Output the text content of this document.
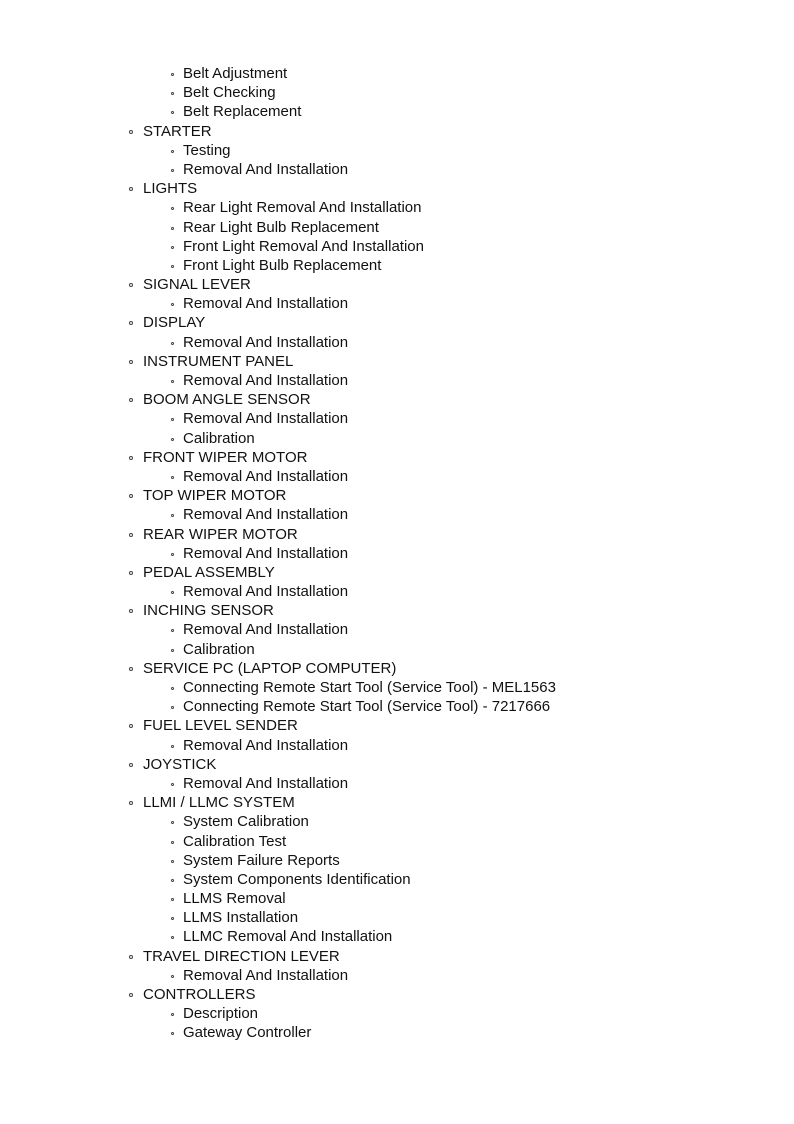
Belt Adjustment
Belt Checking
Belt Replacement
STARTER
Testing
Removal And Installation
LIGHTS
Rear Light Removal And Installation
Rear Light Bulb Replacement
Front Light Removal And Installation
Front Light Bulb Replacement
SIGNAL LEVER
Removal And Installation
DISPLAY
Removal And Installation
INSTRUMENT PANEL
Removal And Installation
BOOM ANGLE SENSOR
Removal And Installation
Calibration
FRONT WIPER MOTOR
Removal And Installation
TOP WIPER MOTOR
Removal And Installation
REAR WIPER MOTOR
Removal And Installation
PEDAL ASSEMBLY
Removal And Installation
INCHING SENSOR
Removal And Installation
Calibration
SERVICE PC (LAPTOP COMPUTER)
Connecting Remote Start Tool (Service Tool) - MEL1563
Connecting Remote Start Tool (Service Tool) - 7217666
FUEL LEVEL SENDER
Removal And Installation
JOYSTICK
Removal And Installation
LLMI / LLMC SYSTEM
System Calibration
Calibration Test
System Failure Reports
System Components Identification
LLMS Removal
LLMS Installation
LLMC Removal And Installation
TRAVEL DIRECTION LEVER
Removal And Installation
CONTROLLERS
Description
Gateway Controller
